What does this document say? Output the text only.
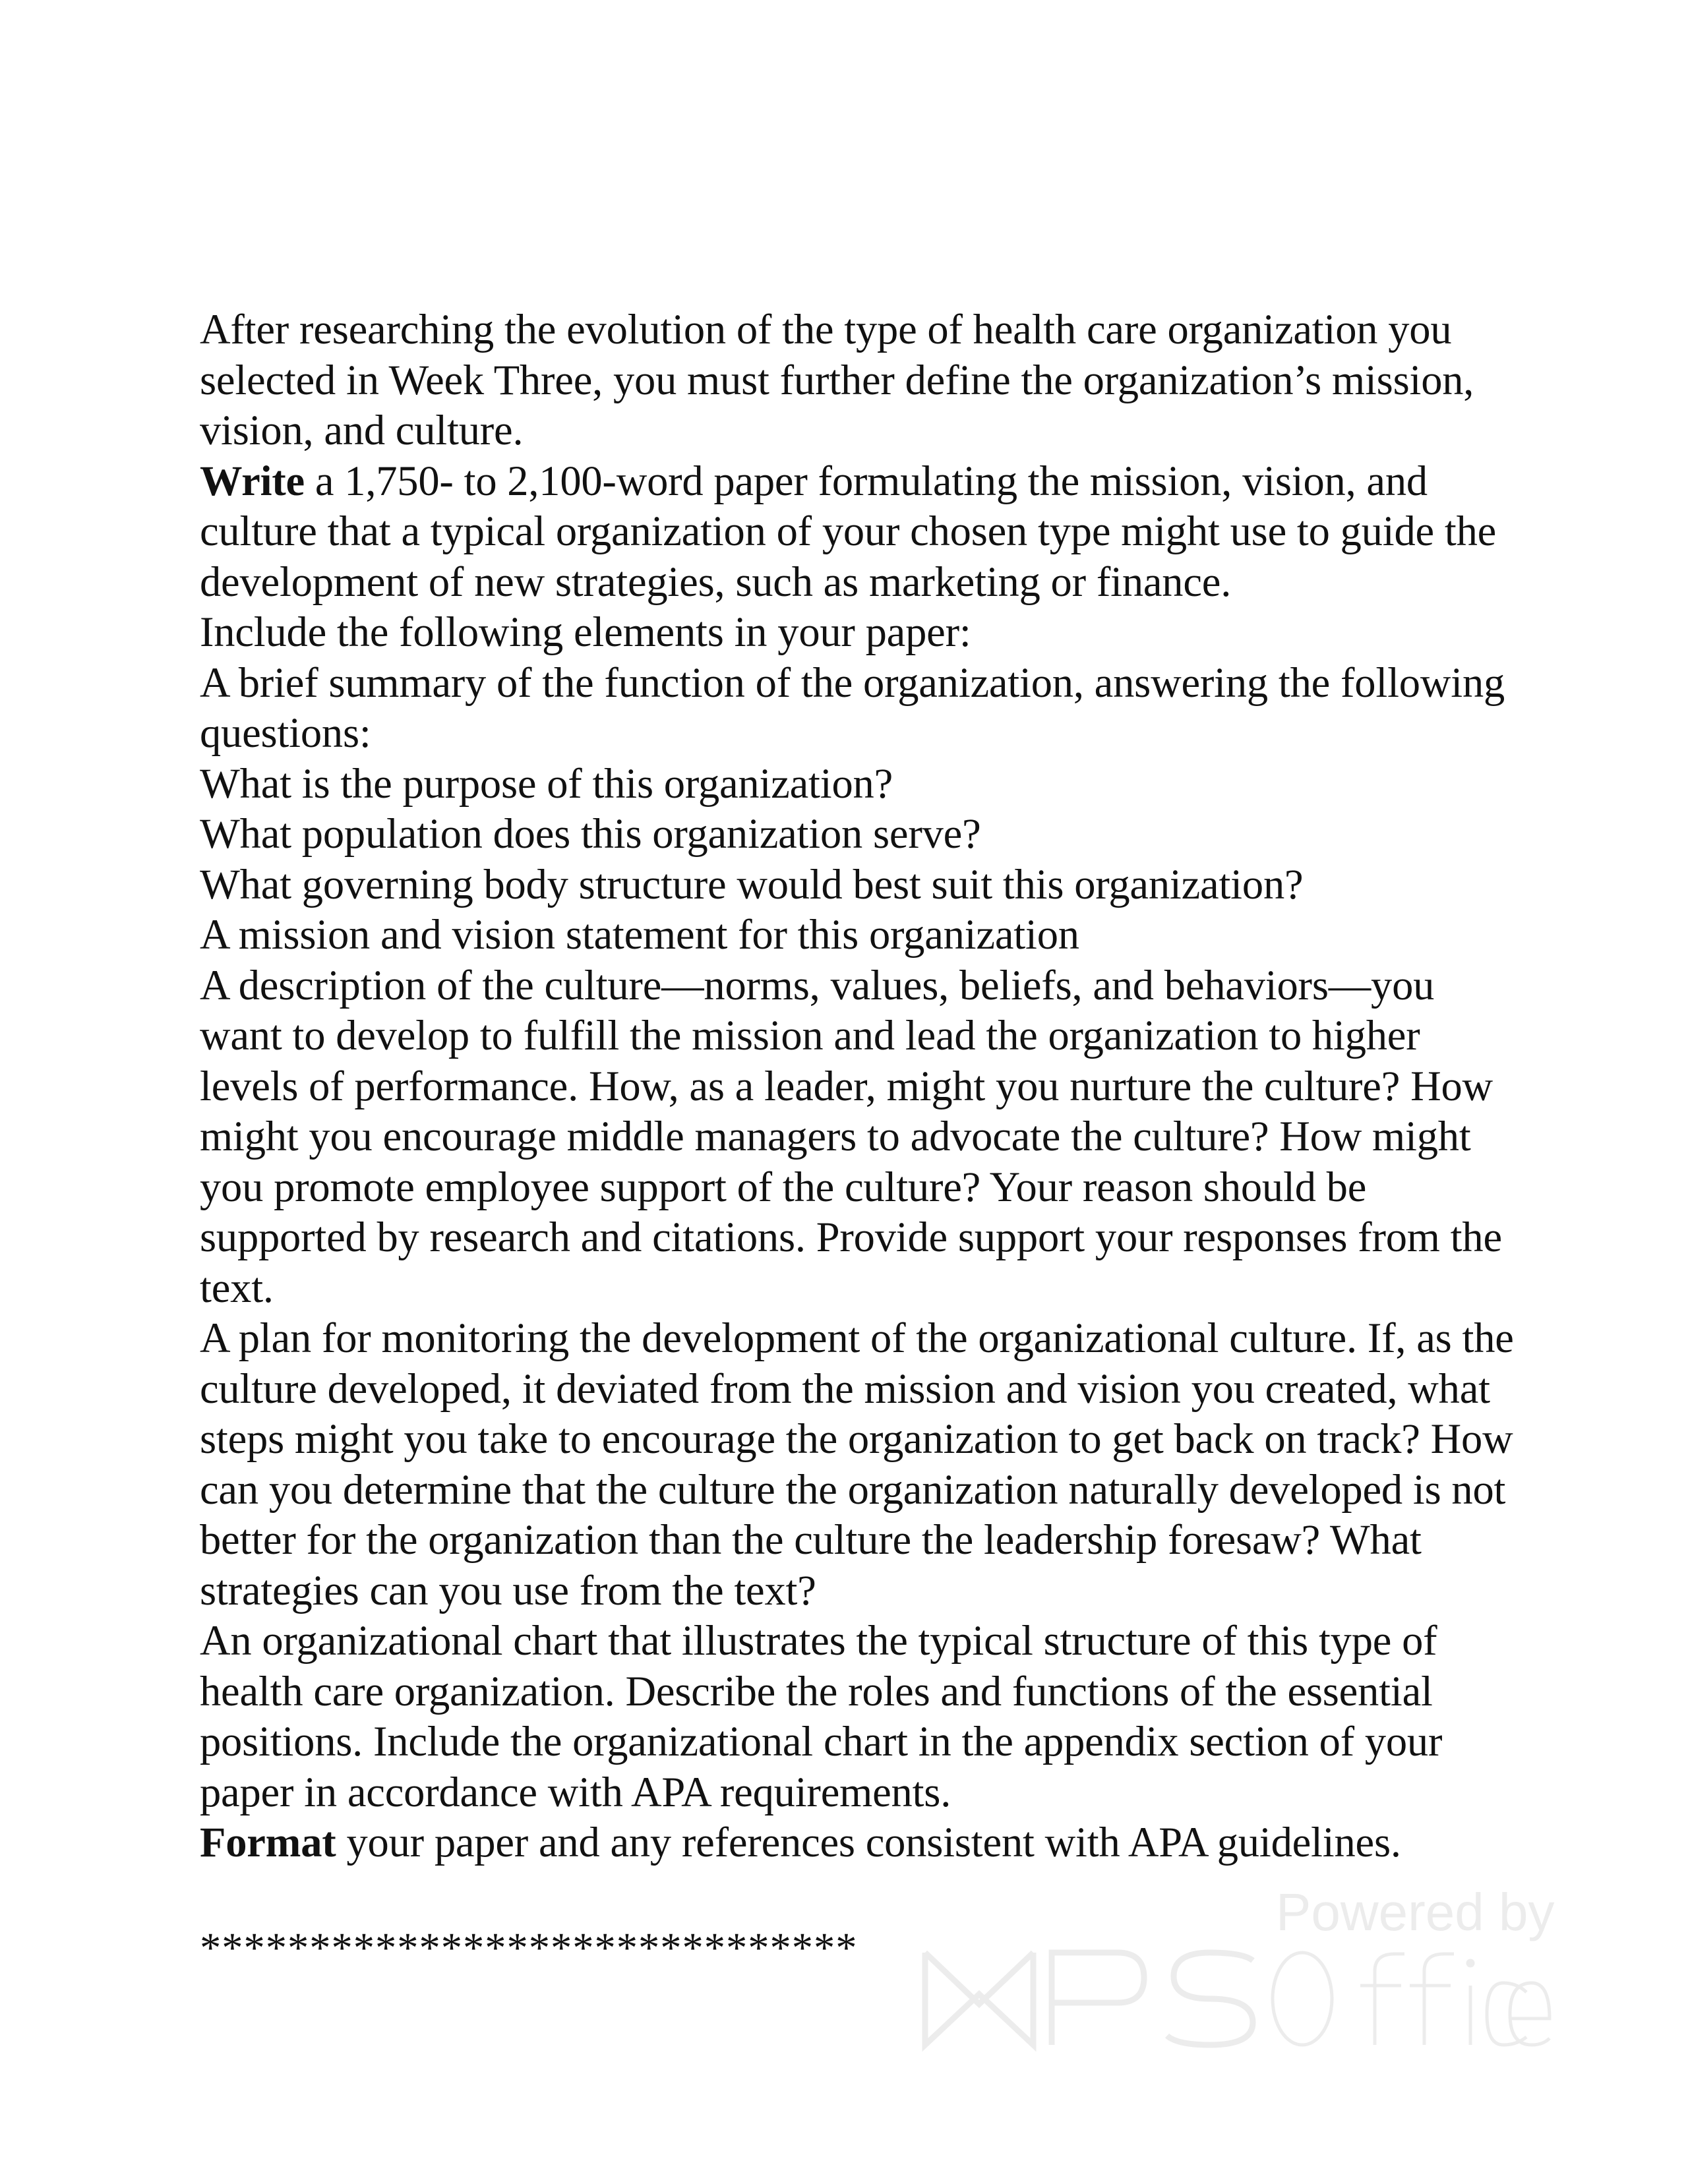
After researching the evolution of the type of health care organization you selected in Week Three, you must further define the organization’s mission, vision, and culture.

Write a 1,750- to 2,100-word paper formulating the mission, vision, and culture that a typical organization of your chosen type might use to guide the development of new strategies, such as marketing or finance.

Include the following elements in your paper:

A brief summary of the function of the organization, answering the following questions:

What is the purpose of this organization?

What population does this organization serve?

What governing body structure would best suit this organization?

A mission and vision statement for this organization

A description of the culture—norms, values, beliefs, and behaviors—you want to develop to fulfill the mission and lead the organization to higher levels of performance. How, as a leader, might you nurture the culture? How might you encourage middle managers to advocate the culture? How might you promote employee support of the culture? Your reason should be supported by research and citations. Provide support your responses from the text.

A plan for monitoring the development of the organizational culture. If, as the culture developed, it deviated from the mission and vision you created, what steps might you take to encourage the organization to get back on track? How can you determine that the culture the organization naturally developed is not better for the organization than the culture the leadership foresaw? What strategies can you use from the text?

An organizational chart that illustrates the typical structure of this type of health care organization. Describe the roles and functions of the essential positions. Include the organizational chart in the appendix section of your paper in accordance with APA requirements.

Format your paper and any references consistent with APA guidelines.

******************************
Powered by
